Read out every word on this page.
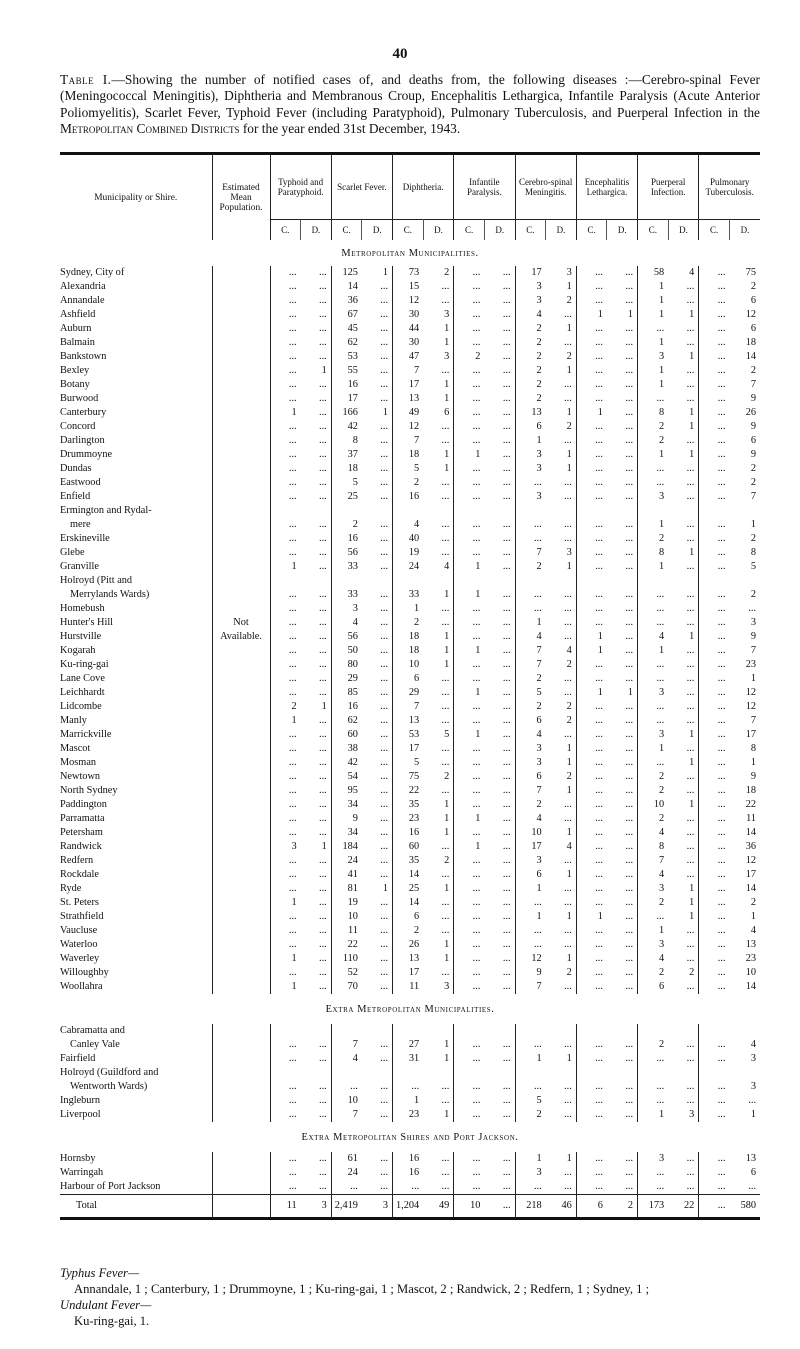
40
Table I.—Showing the number of notified cases of, and deaths from, the following diseases :—Cerebro-spinal Fever (Meningococcal Meningitis), Diphtheria and Membranous Croup, Encephalitis Lethargica, Infantile Paralysis (Acute Anterior Poliomyelitis), Scarlet Fever, Typhoid Fever (including Paratyphoid), Pulmonary Tuberculosis, and Puerperal Infection in the Metropolitan Combined Districts for the year ended 31st December, 1943.
Municipality or Shire.	Estimated Mean Population.	Typhoid and Paratyphoid.		Scarlet Fever.		Diphtheria.		Infantile Paralysis.		Cerebro-spinal Meningitis.		Encephalitis Lethargica.		Puerperal Infection.		Pulmonary Tuberculosis.	
		C.	D.	C.	D.	C.	D.	C.	D.	C.	D.	C.	D.	C.	D.	C.	D.
Metropolitan Municipalities.																	
Sydney, City of		...	...	125	1	73	2	...	...	17	3	...	...	58	4	...	75
Alexandria		...	...	14	...	15	...	...	...	3	1	...	...	1	...	...	2
Annandale		...	...	36	...	12	...	...	...	3	2	...	...	1	...	...	6
Ashfield		...	...	67	...	30	3	...	...	4	...	1	1	1	1	...	12
Auburn		...	...	45	...	44	1	...	...	2	1	...	...	...	...	...	6
Balmain		...	...	62	...	30	1	...	...	2	...	...	...	1	...	...	18
Bankstown		...	...	53	...	47	3	2	...	2	2	...	...	3	1	...	14
Bexley		...	1	55	...	7	...	...	...	2	1	...	...	1	...	...	2
Botany		...	...	16	...	17	1	...	...	2	...	...	...	1	...	...	7
Burwood		...	...	17	...	13	1	...	...	2	...	...	...	...	...	...	9
Canterbury		1	...	166	1	49	6	...	...	13	1	1	...	8	1	...	26
Concord		...	...	42	...	12	...	...	...	6	2	...	...	2	1	...	9
Darlington		...	...	8	...	7	...	...	...	1	...	...	...	2	...	...	6
Drummoyne		...	...	37	...	18	1	1	...	3	1	...	...	1	1	...	9
Dundas		...	...	18	...	5	1	...	...	3	1	...	...	...	...	...	2
Eastwood		...	...	5	...	2	...	...	...	...	...	...	...	...	...	...	2
Enfield		...	...	25	...	16	...	...	...	3	...	...	...	3	...	...	7
Ermington and Rydal-																	
mere		...	...	2	...	4	...	...	...	...	...	...	...	1	...	...	1
Erskineville		...	...	16	...	40	...	...	...	...	...	...	...	2	...	...	2
Glebe		...	...	56	...	19	...	...	...	7	3	...	...	8	1	...	8
Granville		1	...	33	...	24	4	1	...	2	1	...	...	1	...	...	5
Holroyd (Pitt and																	
Merrylands Wards)		...	...	33	...	33	1	1	...	...	...	...	...	...	...	...	2
Homebush		...	...	3	...	1	...	...	...	...	...	...	...	...	...	...	...
Hunter's Hill	Not	...	...	4	...	2	...	...	...	1	...	...	...	...	...	...	3
Hurstville	Available.	...	...	56	...	18	1	...	...	4	...	1	...	4	1	...	9
Kogarah		...	...	50	...	18	1	1	...	7	4	1	...	1	...	...	7
Ku-ring-gai		...	...	80	...	10	1	...	...	7	2	...	...	...	...	...	23
Lane Cove		...	...	29	...	6	...	...	...	2	...	...	...	...	...	...	1
Leichhardt		...	...	85	...	29	...	1	...	5	...	1	1	3	...	...	12
Lidcombe		2	1	16	...	7	...	...	...	2	2	...	...	...	...	...	12
Manly		1	...	62	...	13	...	...	...	6	2	...	...	...	...	...	7
Marrickville		...	...	60	...	53	5	1	...	4	...	...	...	3	1	...	17
Mascot		...	...	38	...	17	...	...	...	3	1	...	...	1	...	...	8
Mosman		...	...	42	...	5	...	...	...	3	1	...	...	...	1	...	1
Newtown		...	...	54	...	75	2	...	...	6	2	...	...	2	...	...	9
North Sydney		...	...	95	...	22	...	...	...	7	1	...	...	2	...	...	18
Paddington		...	...	34	...	35	1	...	...	2	...	...	...	10	1	...	22
Parramatta		...	...	9	...	23	1	1	...	4	...	...	...	2	...	...	11
Petersham		...	...	34	...	16	1	...	...	10	1	...	...	4	...	...	14
Randwick		3	1	184	...	60	...	1	...	17	4	...	...	8	...	...	36
Redfern		...	...	24	...	35	2	...	...	3	...	...	...	7	...	...	12
Rockdale		...	...	41	...	14	...	...	...	6	1	...	...	4	...	...	17
Ryde		...	...	81	1	25	1	...	...	1	...	...	...	3	1	...	14
St. Peters		1	...	19	...	14	...	...	...	...	...	...	...	2	1	...	2
Strathfield		...	...	10	...	6	...	...	...	1	1	1	...	...	1	...	1
Vaucluse		...	...	11	...	2	...	...	...	...	...	...	...	1	...	...	4
Waterloo		...	...	22	...	26	1	...	...	...	...	...	...	3	...	...	13
Waverley		1	...	110	...	13	1	...	...	12	1	...	...	4	...	...	23
Willoughby		...	...	52	...	17	...	...	...	9	2	...	...	2	2	...	10
Woollahra		1	...	70	...	11	3	...	...	7	...	...	...	6	...	...	14
Extra Metropolitan Municipalities.																	
Cabramatta and																	
Canley Vale		...	...	7	...	27	1	...	...	...	...	...	...	2	...	...	4
Fairfield		...	...	4	...	31	1	...	...	1	1	...	...	...	...	...	3
Holroyd (Guildford and																	
Wentworth Wards)		...	...	...	...	...	...	...	...	...	...	...	...	...	...	...	3
Ingleburn		...	...	10	...	1	...	...	...	5	...	...	...	...	...	...	...
Liverpool		...	...	7	...	23	1	...	...	2	...	...	...	1	3	...	1
Extra Metropolitan Shires and Port Jackson.																	
Hornsby		...	...	61	...	16	...	...	...	1	1	...	...	3	...	...	13
Warringah		...	...	24	...	16	...	...	...	3	...	...	...	...	...	...	6
Harbour of Port Jackson		...	...	...	...	...	...	...	...	...	...	...	...	...	...	...	...
Total		11	3	2,419	3	1,204	49	10	...	218	46	6	2	173	22	...	580
Typhus Fever—
Annandale, 1 ; Canterbury, 1 ; Drummoyne, 1 ; Ku-ring-gai, 1 ; Mascot, 2 ; Randwick, 2 ; Redfern, 1 ; Sydney, 1 ;
Undulant Fever—
Ku-ring-gai, 1.
